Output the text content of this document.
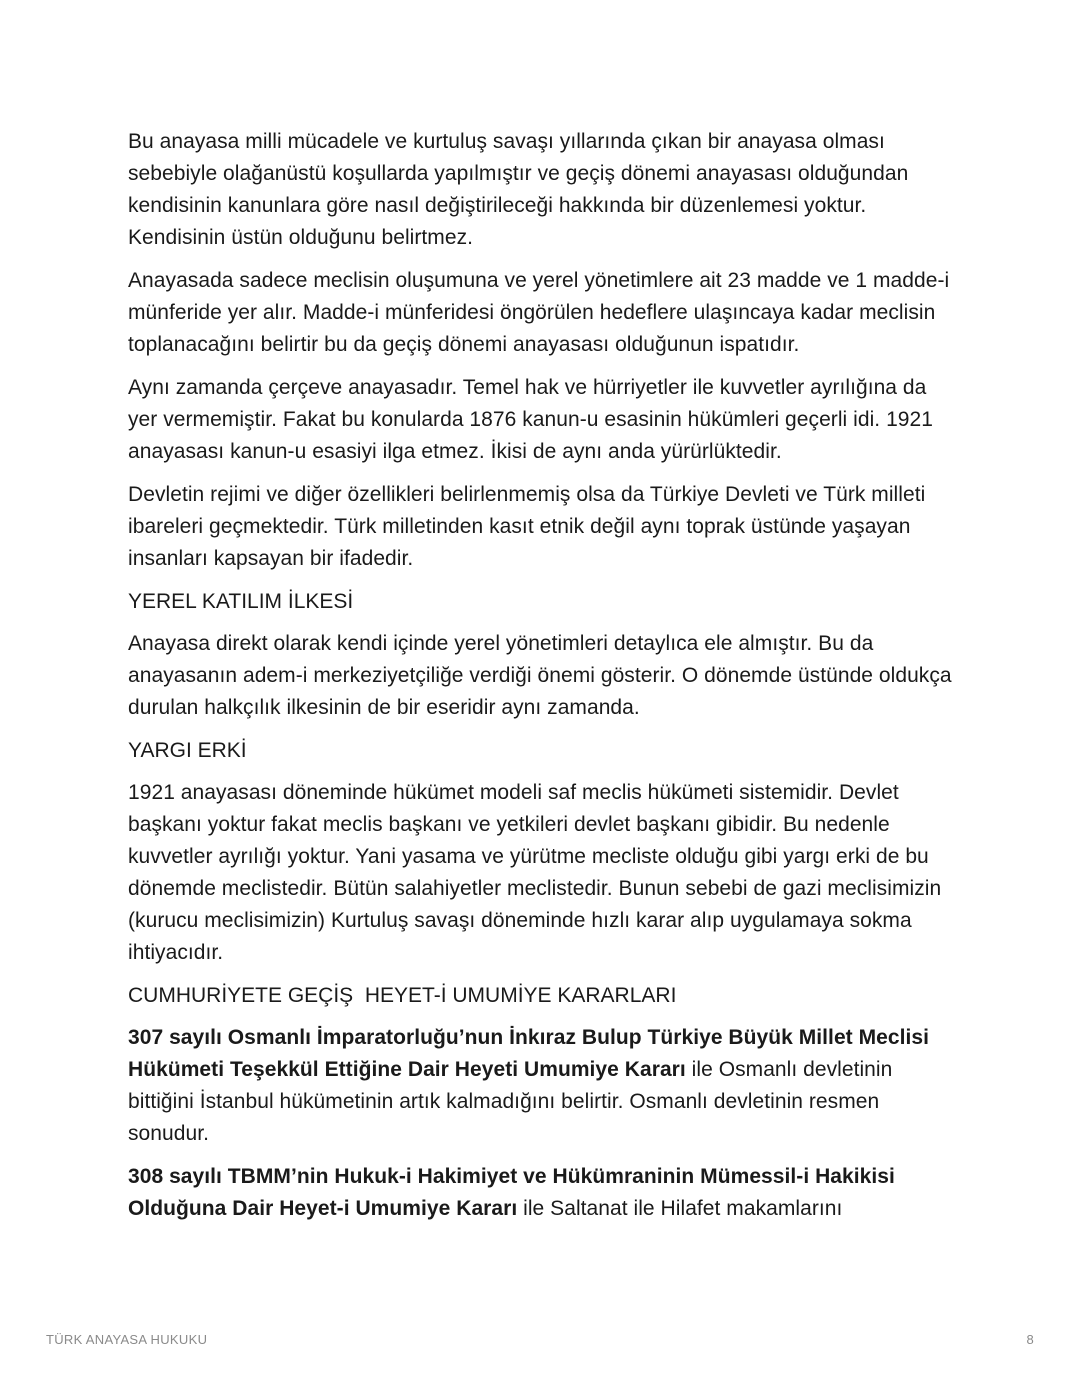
Bu anayasa milli mücadele ve kurtuluş savaşı yıllarında çıkan bir anayasa olması sebebiyle olağanüstü koşullarda yapılmıştır ve geçiş dönemi anayasası olduğundan kendisinin kanunlara göre nasıl değiştirileceği hakkında bir düzenlemesi yoktur. Kendisinin üstün olduğunu belirtmez.

Anayasada sadece meclisin oluşumuna ve yerel yönetimlere ait 23 madde ve 1 madde-i münferide yer alır. Madde-i münferidesi öngörülen hedeflere ulaşıncaya kadar meclisin toplanacağını belirtir bu da geçiş dönemi anayasası olduğunun ispatıdır.

Aynı zamanda çerçeve anayasadır. Temel hak ve hürriyetler ile kuvvetler ayrılığına da yer vermemiştir. Fakat bu konularda 1876 kanun-u esasinin hükümleri geçerli idi. 1921 anayasası kanun-u esasiyi ilga etmez. İkisi de aynı anda yürürlüktedir.

Devletin rejimi ve diğer özellikleri belirlenmemiş olsa da Türkiye Devleti ve Türk milleti ibareleri geçmektedir. Türk milletinden kasıt etnik değil aynı toprak üstünde yaşayan insanları kapsayan bir ifadedir.

YEREL KATILIM İLKESİ

Anayasa direkt olarak kendi içinde yerel yönetimleri detaylıca ele almıştır. Bu da anayasanın adem-i merkeziyetçiliğe verdiği önemi gösterir. O dönemde üstünde oldukça durulan halkçılık ilkesinin de bir eseridir aynı zamanda.

YARGI ERKİ

1921 anayasası döneminde hükümet modeli saf meclis hükümeti sistemidir. Devlet başkanı yoktur fakat meclis başkanı ve yetkileri devlet başkanı gibidir. Bu nedenle kuvvetler ayrılığı yoktur. Yani yasama ve yürütme mecliste olduğu gibi yargı erki de bu dönemde meclistedir. Bütün salahiyetler meclistedir. Bunun sebebi de gazi meclisimizin (kurucu meclisimizin) Kurtuluş savaşı döneminde hızlı karar alıp uygulamaya sokma ihtiyacıdır.

CUMHURİYETE GEÇİŞ  HEYET-İ UMUMİYE KARARLARI

307 sayılı Osmanlı İmparatorluğu’nun İnkıraz Bulup Türkiye Büyük Millet Meclisi Hükümeti Teşekkül Ettiğine Dair Heyeti Umumiye Kararı ile Osmanlı devletinin bittiğini İstanbul hükümetinin artık kalmadığını belirtir. Osmanlı devletinin resmen sonudur.

308 sayılı TBMM’nin Hukuk-i Hakimiyet ve Hükümraninin Mümessil-i Hakikisi Olduğuna Dair Heyet-i Umumiye Kararı ile Saltanat ile Hilafet makamlarını

TÜRK ANAYASA HUKUKU	8
